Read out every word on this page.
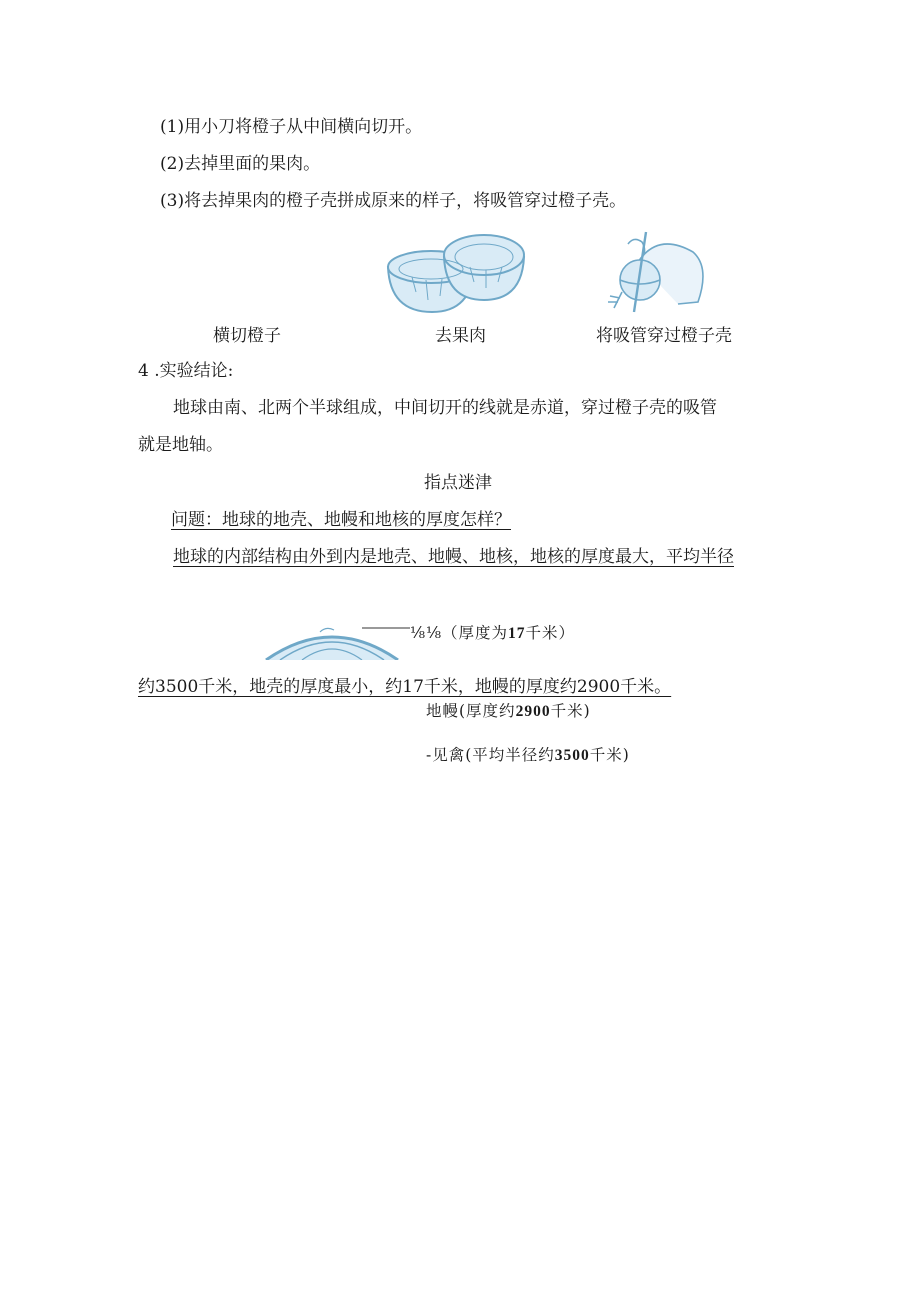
(1)用小刀将橙子从中间横向切开。
(2)去掉里面的果肉。
(3)将去掉果肉的橙子壳拼成原来的样子，将吸管穿过橙子壳。
横切橙子	去果肉	将吸管穿过橙子壳
4 .实验结论:
地球由南、北两个半球组成，中间切开的线就是赤道，穿过橙子壳的吸管
就是地轴。
指点迷津
问题：地球的地壳、地幔和地核的厚度怎样？
地球的内部结构由外到内是地壳、地幔、地核，地核的厚度最大，平均半径
⅛⅛（厚度为17千米）
约3500千米，地壳的厚度最小，约17千米，地幔的厚度约2900千米。
地幔(厚度约2900千米)
-见禽(平均半径约3500千米)
